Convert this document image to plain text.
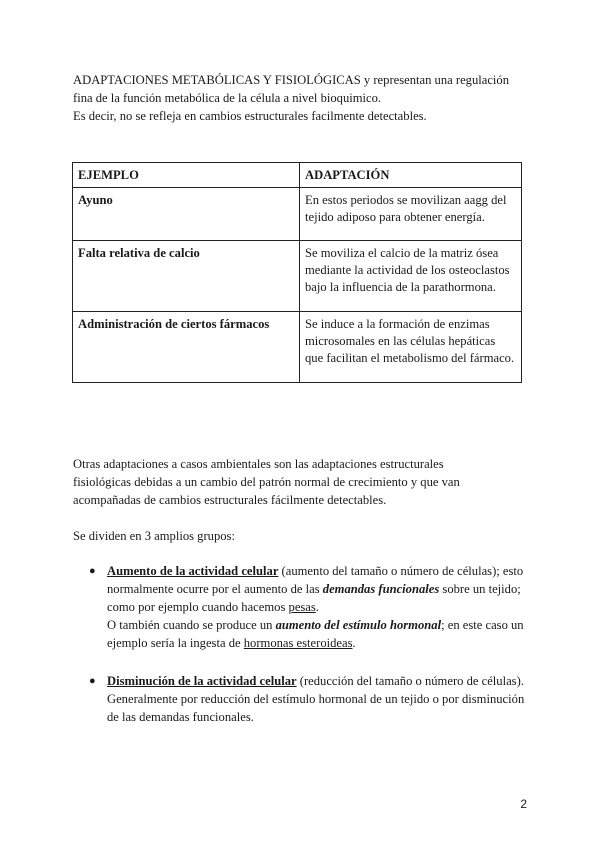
ADAPTACIONES METABÓLICAS Y FISIOLÓGICAS y representan una regulación

fina de la función metabólica de la célula a nivel bioquimico.

Es decir, no se refleja en cambios estructurales facilmente detectables.

EJEMPLO	ADAPTACIÓN
Ayuno	En estos periodos se movilizan aagg del tejido adiposo para obtener energía.
Falta relativa de calcio	Se moviliza el calcio de la matriz ósea mediante la actividad de los osteoclastos bajo la influencia de la parathormona.
Administración de ciertos fármacos	Se induce a la formación de enzimas microsomales en las células hepáticas que facilitan el metabolismo del fármaco.

Otras adaptaciones a casos ambientales son las adaptaciones estructurales

fisiológicas debidas a un cambio del patrón normal de crecimiento y que van

acompañadas de cambios estructurales fácilmente detectables.

Se dividen en 3 amplios grupos:
● Aumento de la actividad celular (aumento del tamaño o número de células); esto normalmente ocurre por el aumento de las demandas funcionales sobre un tejido; como por ejemplo cuando hacemos pesas.
O también cuando se produce un aumento del estímulo hormonal; en este caso un ejemplo sería la ingesta de hormonas esteroideas.
● Disminución de la actividad celular (reducción del tamaño o número de células).
Generalmente por reducción del estímulo hormonal de un tejido o por disminución de las demandas funcionales.
2
